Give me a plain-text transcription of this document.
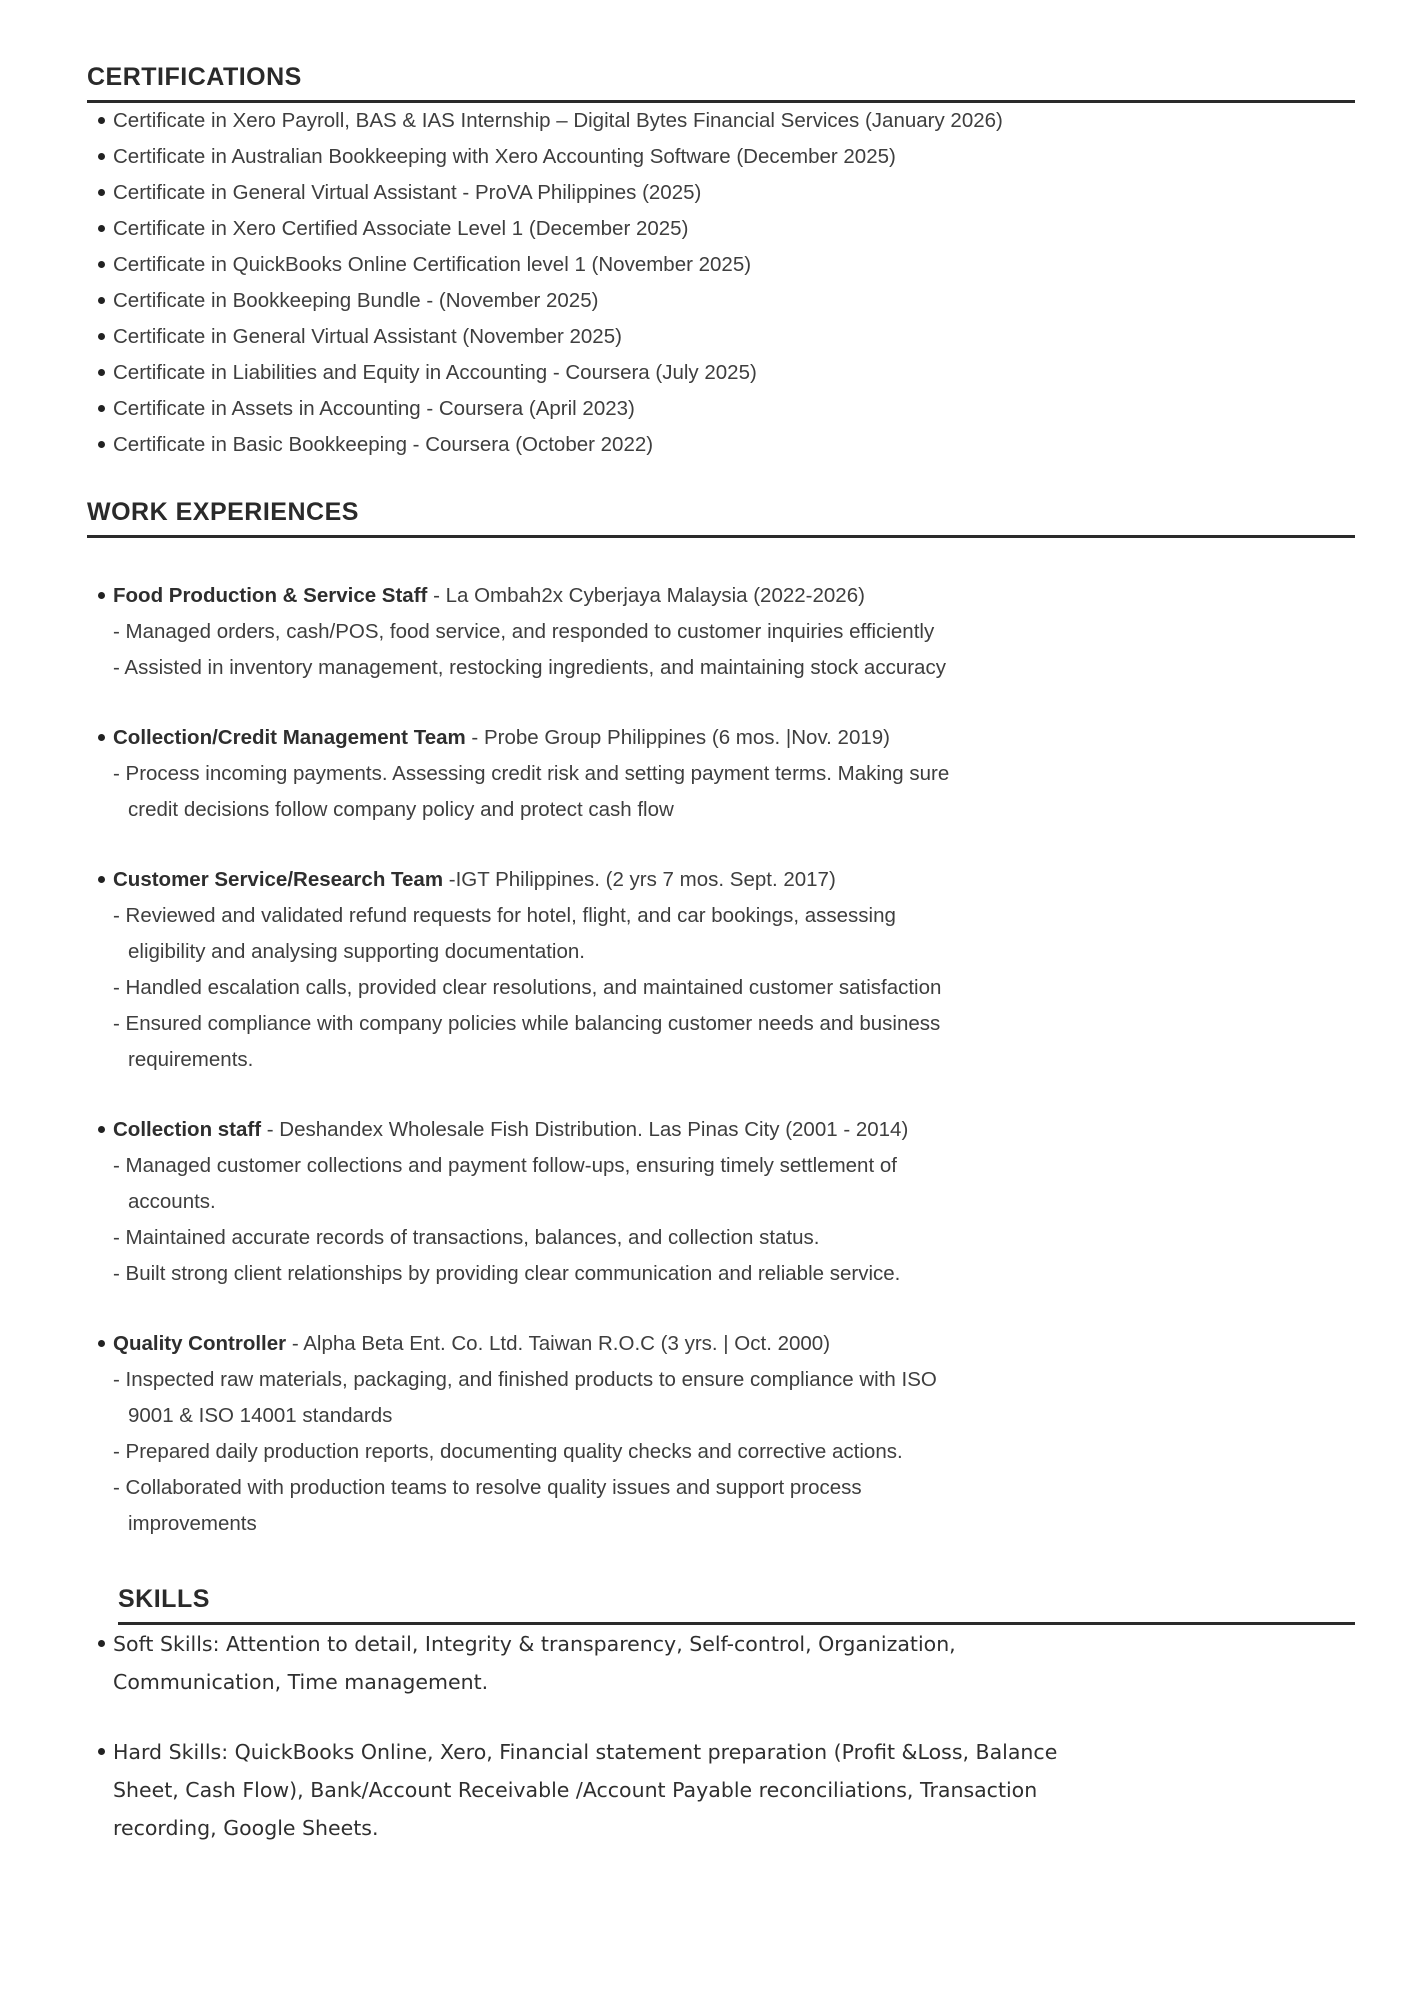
CERTIFICATIONS
Certificate in Xero Payroll, BAS & IAS Internship – Digital Bytes Financial Services (January 2026)
Certificate in Australian Bookkeeping with Xero Accounting Software (December 2025)
Certificate in General Virtual Assistant - ProVA Philippines (2025)
Certificate in Xero Certified Associate Level 1 (December 2025)
Certificate in QuickBooks Online Certification level 1 (November 2025)
Certificate in Bookkeeping Bundle - (November 2025)
Certificate in General Virtual Assistant (November 2025)
Certificate in Liabilities and Equity in Accounting - Coursera (July 2025)
Certificate in Assets in Accounting - Coursera (April 2023)
Certificate in Basic Bookkeeping - Coursera (October 2022)
WORK EXPERIENCES
Food Production & Service Staff - La Ombah2x Cyberjaya Malaysia (2022-2026)
- Managed orders, cash/POS, food service, and responded to customer inquiries efficiently
- Assisted in inventory management, restocking ingredients, and maintaining stock accuracy
Collection/Credit Management Team - Probe Group Philippines (6 mos. |Nov. 2019)
- Process incoming payments. Assessing credit risk and setting payment terms. Making sure
credit decisions follow company policy and protect cash flow
Customer Service/Research Team -IGT Philippines. (2 yrs 7 mos. Sept. 2017)
- Reviewed and validated refund requests for hotel, flight, and car bookings, assessing
eligibility and analysing supporting documentation.
- Handled escalation calls, provided clear resolutions, and maintained customer satisfaction
- Ensured compliance with company policies while balancing customer needs and business
requirements.
Collection staff - Deshandex Wholesale Fish Distribution. Las Pinas City (2001 - 2014)
- Managed customer collections and payment follow-ups, ensuring timely settlement of
accounts.
- Maintained accurate records of transactions, balances, and collection status.
- Built strong client relationships by providing clear communication and reliable service.
Quality Controller - Alpha Beta Ent. Co. Ltd. Taiwan R.O.C (3 yrs. | Oct. 2000)
- Inspected raw materials, packaging, and finished products to ensure compliance with ISO
9001 & ISO 14001 standards
- Prepared daily production reports, documenting quality checks and corrective actions.
- Collaborated with production teams to resolve quality issues and support process
improvements
SKILLS
Soft Skills: Attention to detail, Integrity & transparency, Self-control, Organization,
Communication, Time management.
Hard Skills: QuickBooks Online, Xero, Financial statement preparation (Profit &Loss, Balance
Sheet, Cash Flow), Bank/Account Receivable /Account Payable reconciliations, Transaction
recording, Google Sheets.
